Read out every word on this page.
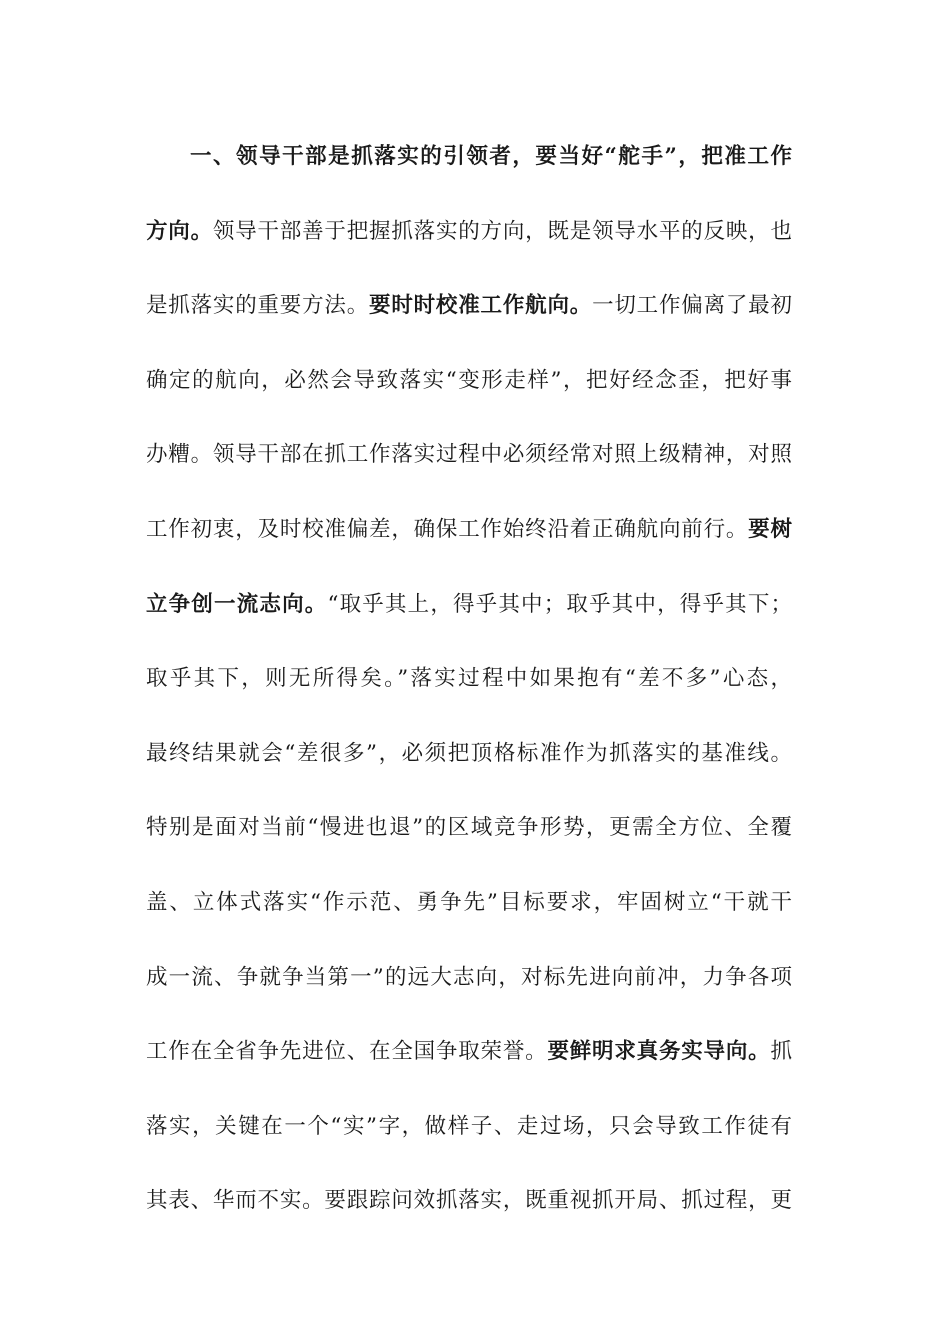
一、领导干部是抓落实的引领者，要当好“舵手”，把准工作
方向。领导干部善于把握抓落实的方向，既是领导水平的反映，也
是抓落实的重要方法。要时时校准工作航向。一切工作偏离了最初
确定的航向，必然会导致落实“变形走样”，把好经念歪，把好事
办糟。领导干部在抓工作落实过程中必须经常对照上级精神，对照
工作初衷，及时校准偏差，确保工作始终沿着正确航向前行。要树
立争创一流志向。“取乎其上，得乎其中；取乎其中，得乎其下；
取乎其下，则无所得矣。”落实过程中如果抱有“差不多”心态，
最终结果就会“差很多”，必须把顶格标准作为抓落实的基准线。
特别是面对当前“慢进也退”的区域竞争形势，更需全方位、全覆
盖、立体式落实“作示范、勇争先”目标要求，牢固树立“干就干
成一流、争就争当第一”的远大志向，对标先进向前冲，力争各项
工作在全省争先进位、在全国争取荣誉。要鲜明求真务实导向。抓
落实，关键在一个“实”字，做样子、走过场，只会导致工作徒有
其表、华而不实。要跟踪问效抓落实，既重视抓开局、抓过程，更
